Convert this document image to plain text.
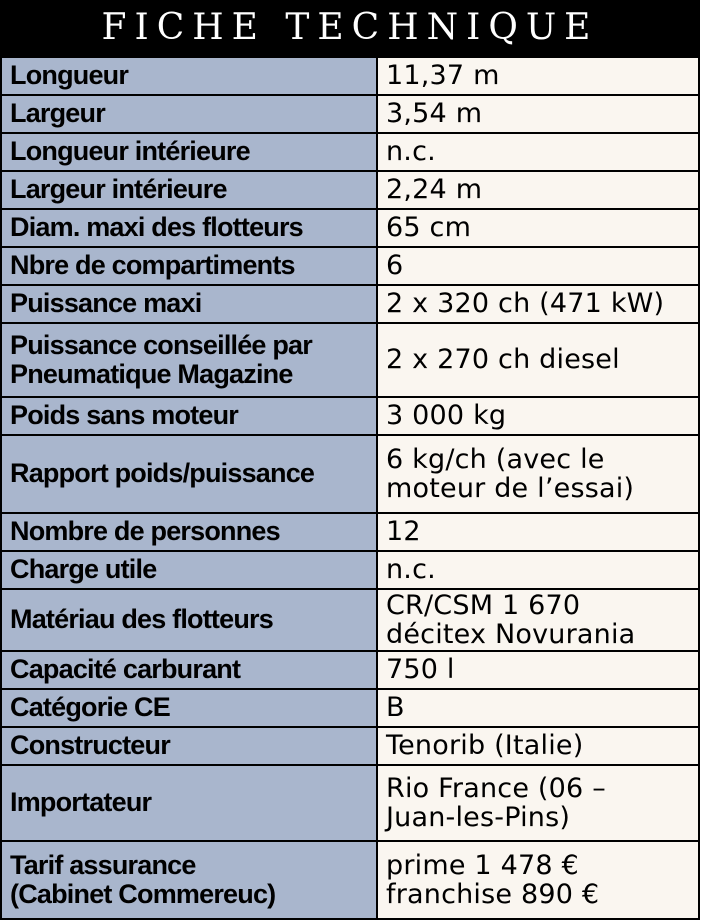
FICHE TECHNIQUE
Longueur	11,37 m

Largeur	3,54 m

Longueur intérieure	n.c.

Largeur intérieure	2,24 m

Diam. maxi des flotteurs	65 cm

Nbre de compartiments	6

Puissance maxi	2 x 320 ch (471 kW)

Puissance conseillée par
Pneumatique Magazine	2 x 270 ch diesel

Poids sans moteur	3 000 kg

Rapport poids/puissance	6 kg/ch (avec le
moteur de l’essai)

Nombre de personnes	12

Charge utile	n.c.

Matériau des flotteurs	CR/CSM 1 670
décitex Novurania

Capacité carburant	750 l

Catégorie CE	B

Constructeur	Tenorib (Italie)

Importateur	Rio France (06 –
Juan-les-Pins)

Tarif assurance
(Cabinet Commereuc)	prime 1 478 €
franchise 890 €
